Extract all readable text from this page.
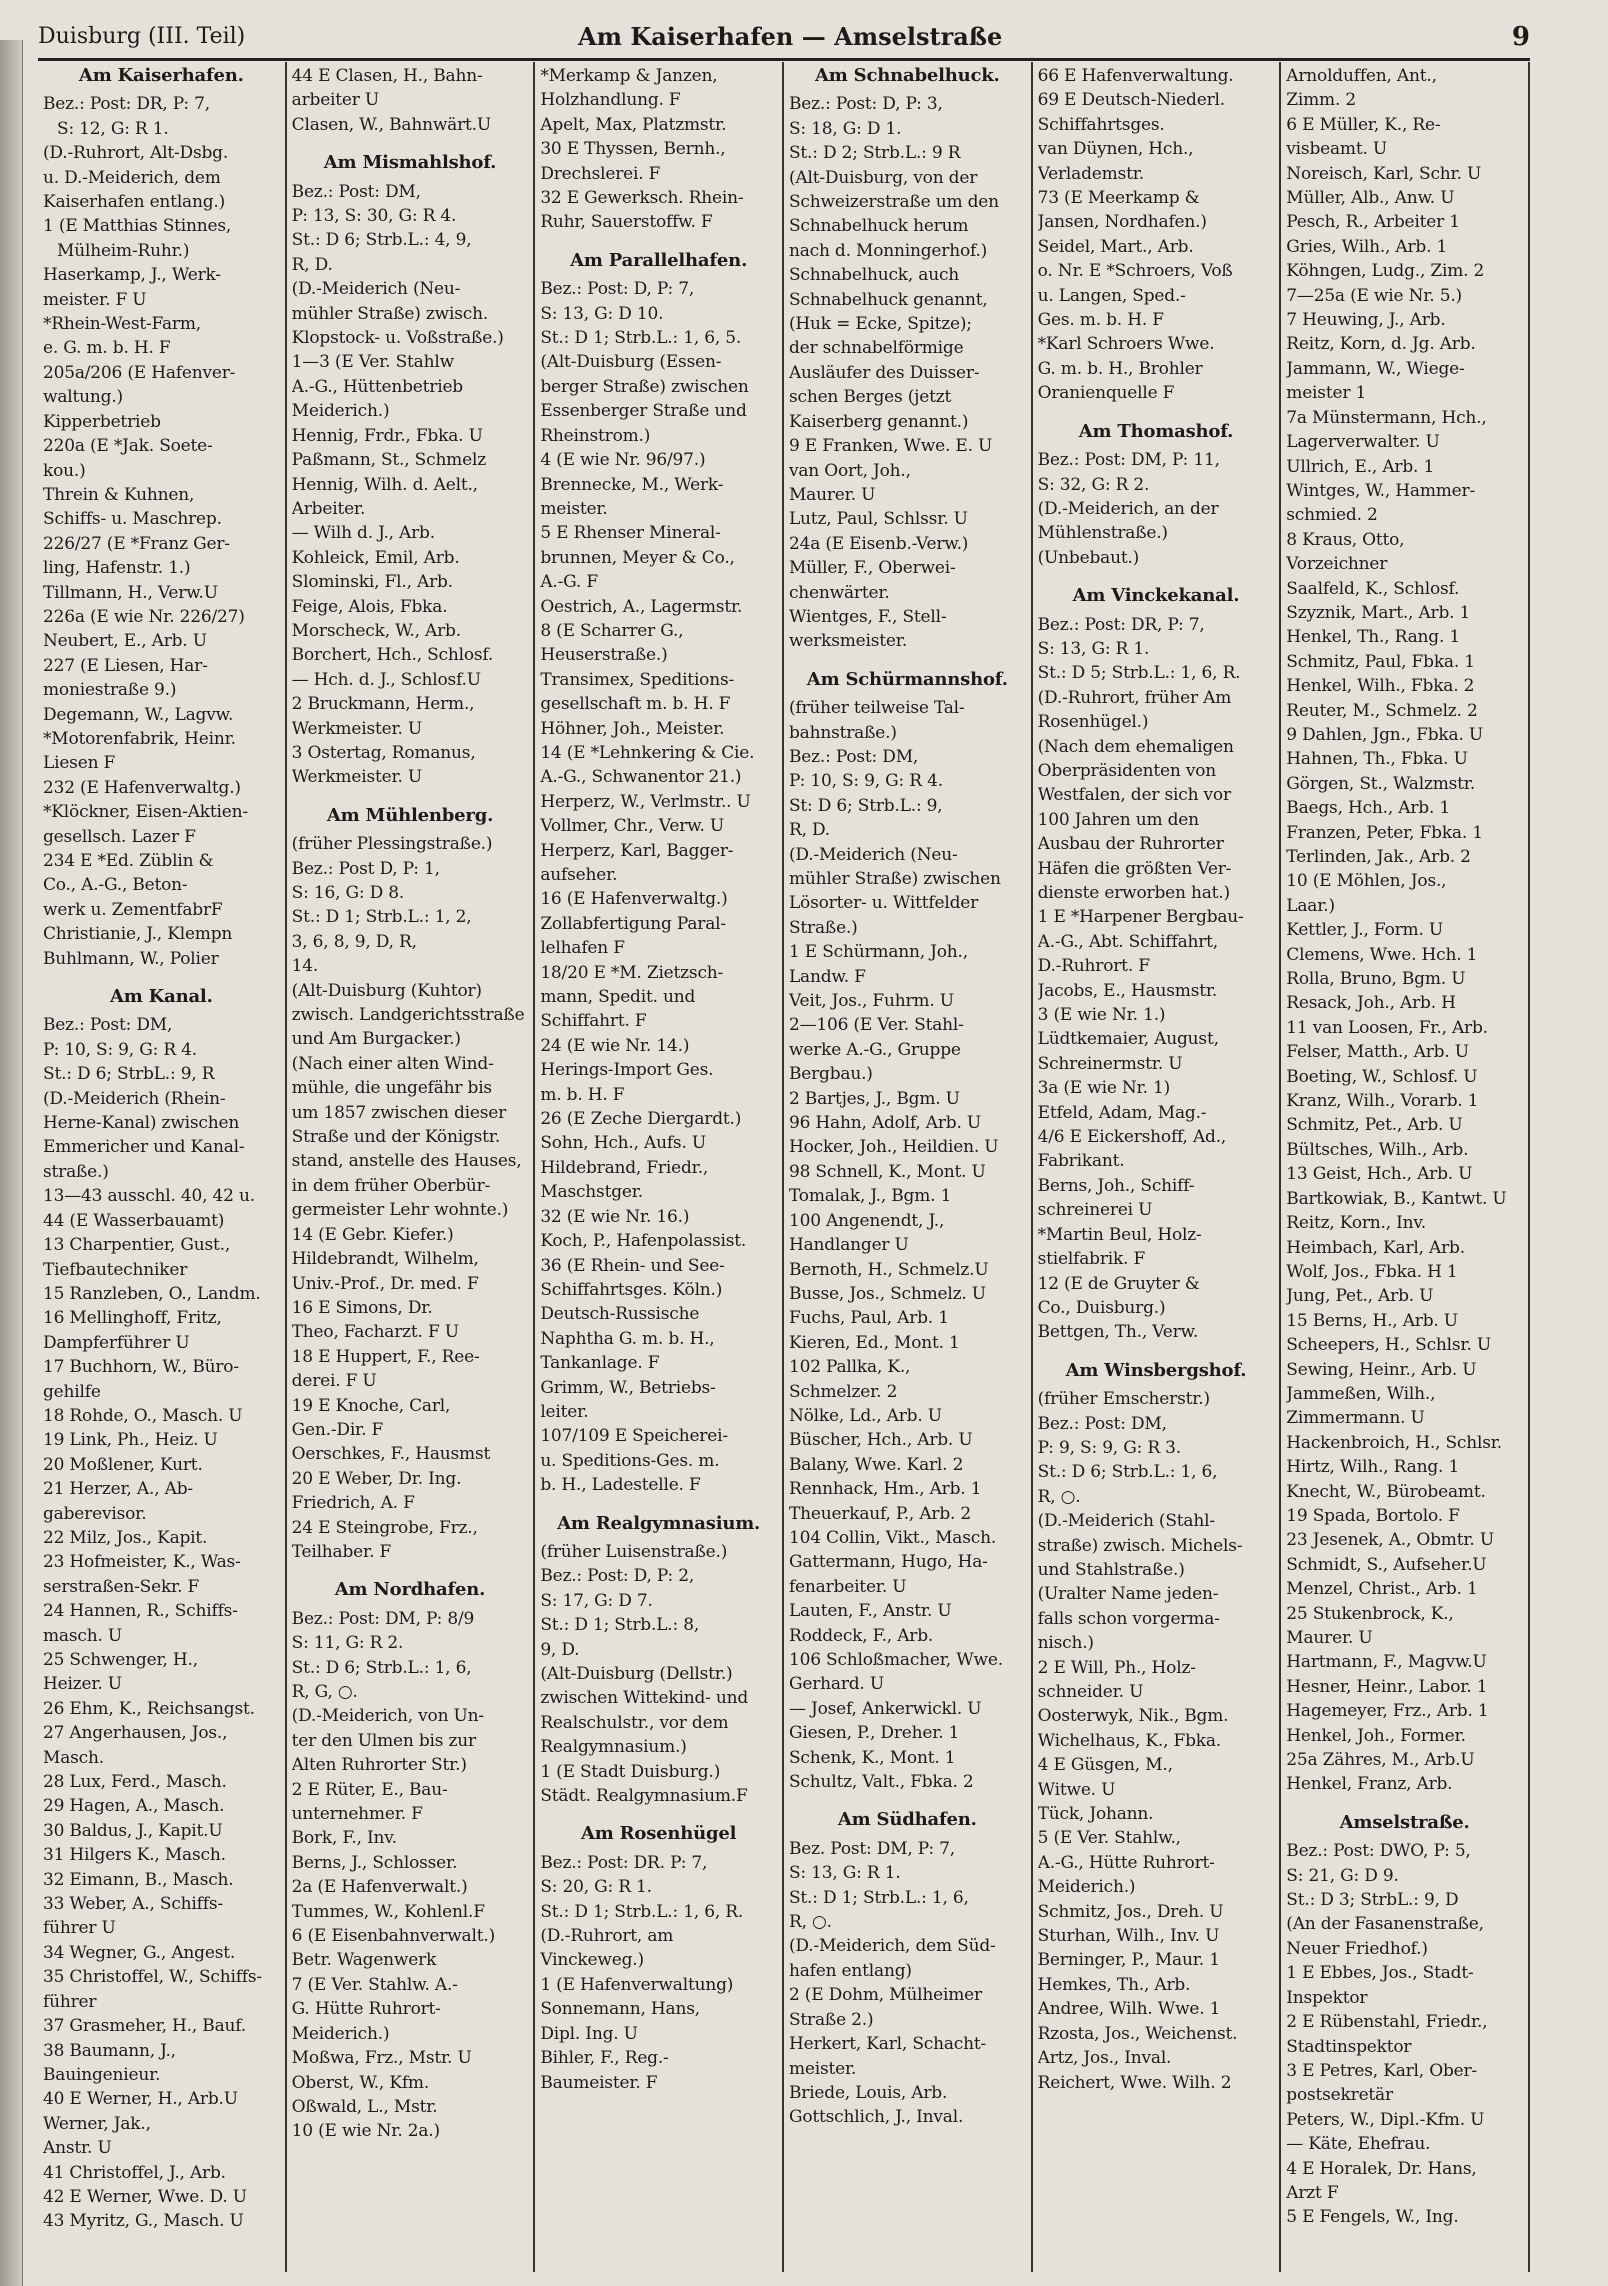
Duisburg (III. Teil)	Am Kaiserhafen — Amselstraße	9
Am Kaiserhafen.
Bez.: Post: DR, P: 7,
S: 12, G: R 1.
(D.-Ruhrort, Alt-Dsbg.
u. D.-Meiderich, dem
Kaiserhafen entlang.)
1 (E Matthias Stinnes,
Mülheim-Ruhr.)
Haserkamp, J., Werk-
meister. F U
*Rhein-West-Farm,
e. G. m. b. H. F
205a/206 (E Hafenver-
waltung.)
Kipperbetrieb
220a (E *Jak. Soete-
kou.)
Threin & Kuhnen,
Schiffs- u. Maschrep.
226/27 (E *Franz Ger-
ling, Hafenstr. 1.)
Tillmann, H., Verw.U
226a (E wie Nr. 226/27)
Neubert, E., Arb. U
227 (E Liesen, Har-
moniestraße 9.)
Degemann, W., Lagvw.
*Motorenfabrik, Heinr.
Liesen F
232 (E Hafenverwaltg.)
*Klöckner, Eisen-Aktien-
gesellsch. Lazer F
234 E *Ed. Züblin &
Co., A.-G., Beton-
werk u. ZementfabrF
Christianie, J., Klempn
Buhlmann, W., Polier
Am Kanal.
Bez.: Post: DM,
P: 10, S: 9, G: R 4.
St.: D 6; StrbL.: 9, R
(D.-Meiderich (Rhein-
Herne-Kanal) zwischen
Emmericher und Kanal-
straße.)
13—43 ausschl. 40, 42 u.
44 (E Wasserbauamt)
13 Charpentier, Gust.,
Tiefbautechniker
15 Ranzleben, O., Landm.
16 Mellinghoff, Fritz,
Dampferführer U
17 Buchhorn, W., Büro-
gehilfe
18 Rohde, O., Masch. U
19 Link, Ph., Heiz. U
20 Moßlener, Kurt.
21 Herzer, A., Ab-
gaberevisor.
22 Milz, Jos., Kapit.
23 Hofmeister, K., Was-
serstraßen-Sekr. F
24 Hannen, R., Schiffs-
masch. U
25 Schwenger, H.,
Heizer. U
26 Ehm, K., Reichsangst.
27 Angerhausen, Jos.,
Masch.
28 Lux, Ferd., Masch.
29 Hagen, A., Masch.
30 Baldus, J., Kapit.U
31 Hilgers K., Masch.
32 Eimann, B., Masch.
33 Weber, A., Schiffs-
führer U
34 Wegner, G., Angest.
35 Christoffel, W., Schiffs-
führer
37 Grasmeher, H., Bauf.
38 Baumann, J.,
Bauingenieur.
40 E Werner, H., Arb.U
Werner, Jak.,
Anstr. U
41 Christoffel, J., Arb.
42 E Werner, Wwe. D. U
43 Myritz, G., Masch. U
44 E Clasen, H., Bahn-
arbeiter U
Clasen, W., Bahnwärt.U
Am Mismahlshof.
Bez.: Post: DM,
P: 13, S: 30, G: R 4.
St.: D 6; Strb.L.: 4, 9,
R, D.
(D.-Meiderich (Neu-
mühler Straße) zwisch.
Klopstock- u. Voßstraße.)
1—3 (E Ver. Stahlw
A.-G., Hüttenbetrieb
Meiderich.)
Hennig, Frdr., Fbka. U
Paßmann, St., Schmelz
Hennig, Wilh. d. Aelt.,
Arbeiter.
— Wilh d. J., Arb.
Kohleick, Emil, Arb.
Slominski, Fl., Arb.
Feige, Alois, Fbka.
Morscheck, W., Arb.
Borchert, Hch., Schlosf.
— Hch. d. J., Schlosf.U
2 Bruckmann, Herm.,
Werkmeister. U
3 Ostertag, Romanus,
Werkmeister. U
Am Mühlenberg.
(früher Plessingstraße.)
Bez.: Post D, P: 1,
S: 16, G: D 8.
St.: D 1; Strb.L.: 1, 2,
3, 6, 8, 9, D, R,
14.
(Alt-Duisburg (Kuhtor)
zwisch. Landgerichtsstraße
und Am Burgacker.)
(Nach einer alten Wind-
mühle, die ungefähr bis
um 1857 zwischen dieser
Straße und der Königstr.
stand, anstelle des Hauses,
in dem früher Oberbür-
germeister Lehr wohnte.)
14 (E Gebr. Kiefer.)
Hildebrandt, Wilhelm,
Univ.-Prof., Dr. med. F
16 E Simons, Dr.
Theo, Facharzt. F U
18 E Huppert, F., Ree-
derei. F U
19 E Knoche, Carl,
Gen.-Dir. F
Oerschkes, F., Hausmst
20 E Weber, Dr. Ing.
Friedrich, A. F
24 E Steingrobe, Frz.,
Teilhaber. F
Am Nordhafen.
Bez.: Post: DM, P: 8/9
S: 11, G: R 2.
St.: D 6; Strb.L.: 1, 6,
R, G, ○.
(D.-Meiderich, von Un-
ter den Ulmen bis zur
Alten Ruhrorter Str.)
2 E Rüter, E., Bau-
unternehmer. F
Bork, F., Inv.
Berns, J., Schlosser.
2a (E Hafenverwalt.)
Tummes, W., Kohlenl.F
6 (E Eisenbahnverwalt.)
Betr. Wagenwerk
7 (E Ver. Stahlw. A.-
G. Hütte Ruhrort-
Meiderich.)
Moßwa, Frz., Mstr. U
Oberst, W., Kfm.
Oßwald, L., Mstr.
10 (E wie Nr. 2a.)
*Merkamp & Janzen,
Holzhandlung. F
Apelt, Max, Platzmstr.
30 E Thyssen, Bernh.,
Drechslerei. F
32 E Gewerksch. Rhein-
Ruhr, Sauerstoffw. F
Am Parallelhafen.
Bez.: Post: D, P: 7,
S: 13, G: D 10.
St.: D 1; Strb.L.: 1, 6, 5.
(Alt-Duisburg (Essen-
berger Straße) zwischen
Essenberger Straße und
Rheinstrom.)
4 (E wie Nr. 96/97.)
Brennecke, M., Werk-
meister.
5 E Rhenser Mineral-
brunnen, Meyer & Co.,
A.-G. F
Oestrich, A., Lagermstr.
8 (E Scharrer G.,
Heuserstraße.)
Transimex, Speditions-
gesellschaft m. b. H. F
Höhner, Joh., Meister.
14 (E *Lehnkering & Cie.
A.-G., Schwanentor 21.)
Herperz, W., Verlmstr.. U
Vollmer, Chr., Verw. U
Herperz, Karl, Bagger-
aufseher.
16 (E Hafenverwaltg.)
Zollabfertigung Paral-
lelhafen F
18/20 E *M. Zietzsch-
mann, Spedit. und
Schiffahrt. F
24 (E wie Nr. 14.)
Herings-Import Ges.
m. b. H. F
26 (E Zeche Diergardt.)
Sohn, Hch., Aufs. U
Hildebrand, Friedr.,
Maschstger.
32 (E wie Nr. 16.)
Koch, P., Hafenpolassist.
36 (E Rhein- und See-
Schiffahrtsges. Köln.)
Deutsch-Russische
Naphtha G. m. b. H.,
Tankanlage. F
Grimm, W., Betriebs-
leiter.
107/109 E Speicherei-
u. Speditions-Ges. m.
b. H., Ladestelle. F
Am Realgymnasium.
(früher Luisenstraße.)
Bez.: Post: D, P: 2,
S: 17, G: D 7.
St.: D 1; Strb.L.: 8,
9, D.
(Alt-Duisburg (Dellstr.)
zwischen Wittekind- und
Realschulstr., vor dem
Realgymnasium.)
1 (E Stadt Duisburg.)
Städt. Realgymnasium.F
Am Rosenhügel
Bez.: Post: DR. P: 7,
S: 20, G: R 1.
St.: D 1; Strb.L.: 1, 6, R.
(D.-Ruhrort, am
Vinckeweg.)
1 (E Hafenverwaltung)
Sonnemann, Hans,
Dipl. Ing. U
Bihler, F., Reg.-
Baumeister. F
Am Schnabelhuck.
Bez.: Post: D, P: 3,
S: 18, G: D 1.
St.: D 2; Strb.L.: 9 R
(Alt-Duisburg, von der
Schweizerstraße um den
Schnabelhuck herum
nach d. Monningerhof.)
Schnabelhuck, auch
Schnabelhuck genannt,
(Huk = Ecke, Spitze);
der schnabelförmige
Ausläufer des Duisser-
schen Berges (jetzt
Kaiserberg genannt.)
9 E Franken, Wwe. E. U
van Oort, Joh.,
Maurer. U
Lutz, Paul, Schlssr. U
24a (E Eisenb.-Verw.)
Müller, F., Oberwei-
chenwärter.
Wientges, F., Stell-
werksmeister.
Am Schürmannshof.
(früher teilweise Tal-
bahnstraße.)
Bez.: Post: DM,
P: 10, S: 9, G: R 4.
St: D 6; Strb.L.: 9,
R, D.
(D.-Meiderich (Neu-
mühler Straße) zwischen
Lösorter- u. Wittfelder
Straße.)
1 E Schürmann, Joh.,
Landw. F
Veit, Jos., Fuhrm. U
2—106 (E Ver. Stahl-
werke A.-G., Gruppe
Bergbau.)
2 Bartjes, J., Bgm. U
96 Hahn, Adolf, Arb. U
Hocker, Joh., Heildien. U
98 Schnell, K., Mont. U
Tomalak, J., Bgm. 1
100 Angenendt, J.,
Handlanger U
Bernoth, H., Schmelz.U
Busse, Jos., Schmelz. U
Fuchs, Paul, Arb. 1
Kieren, Ed., Mont. 1
102 Pallka, K.,
Schmelzer. 2
Nölke, Ld., Arb. U
Büscher, Hch., Arb. U
Balany, Wwe. Karl. 2
Rennhack, Hm., Arb. 1
Theuerkauf, P., Arb. 2
104 Collin, Vikt., Masch.
Gattermann, Hugo, Ha-
fenarbeiter. U
Lauten, F., Anstr. U
Roddeck, F., Arb.
106 Schloßmacher, Wwe.
Gerhard. U
— Josef, Ankerwickl. U
Giesen, P., Dreher. 1
Schenk, K., Mont. 1
Schultz, Valt., Fbka. 2
Am Südhafen.
Bez. Post: DM, P: 7,
S: 13, G: R 1.
St.: D 1; Strb.L.: 1, 6,
R, ○.
(D.-Meiderich, dem Süd-
hafen entlang)
2 (E Dohm, Mülheimer
Straße 2.)
Herkert, Karl, Schacht-
meister.
Briede, Louis, Arb.
Gottschlich, J., Inval.
66 E Hafenverwaltung.
69 E Deutsch-Niederl.
Schiffahrtsges.
van Düynen, Hch.,
Verlademstr.
73 (E Meerkamp &
Jansen, Nordhafen.)
Seidel, Mart., Arb.
o. Nr. E *Schroers, Voß
u. Langen, Sped.-
Ges. m. b. H. F
*Karl Schroers Wwe.
G. m. b. H., Brohler
Oranienquelle F
Am Thomashof.
Bez.: Post: DM, P: 11,
S: 32, G: R 2.
(D.-Meiderich, an der
Mühlenstraße.)
(Unbebaut.)
Am Vinckekanal.
Bez.: Post: DR, P: 7,
S: 13, G: R 1.
St.: D 5; Strb.L.: 1, 6, R.
(D.-Ruhrort, früher Am
Rosenhügel.)
(Nach dem ehemaligen
Oberpräsidenten von
Westfalen, der sich vor
100 Jahren um den
Ausbau der Ruhrorter
Häfen die größten Ver-
dienste erworben hat.)
1 E *Harpener Bergbau-
A.-G., Abt. Schiffahrt,
D.-Ruhrort. F
Jacobs, E., Hausmstr.
3 (E wie Nr. 1.)
Lüdtkemaier, August,
Schreinermstr. U
3a (E wie Nr. 1)
Etfeld, Adam, Mag.-
4/6 E Eickershoff, Ad.,
Fabrikant.
Berns, Joh., Schiff-
schreinerei U
*Martin Beul, Holz-
stielfabrik. F
12 (E de Gruyter &
Co., Duisburg.)
Bettgen, Th., Verw.
Am Winsbergshof.
(früher Emscherstr.)
Bez.: Post: DM,
P: 9, S: 9, G: R 3.
St.: D 6; Strb.L.: 1, 6,
R, ○.
(D.-Meiderich (Stahl-
straße) zwisch. Michels-
und Stahlstraße.)
(Uralter Name jeden-
falls schon vorgerma-
nisch.)
2 E Will, Ph., Holz-
schneider. U
Oosterwyk, Nik., Bgm.
Wichelhaus, K., Fbka.
4 E Güsgen, M.,
Witwe. U
Tück, Johann.
5 (E Ver. Stahlw.,
A.-G., Hütte Ruhrort-
Meiderich.)
Schmitz, Jos., Dreh. U
Sturhan, Wilh., Inv. U
Berninger, P., Maur. 1
Hemkes, Th., Arb.
Andree, Wilh. Wwe. 1
Rzosta, Jos., Weichenst.
Artz, Jos., Inval.
Reichert, Wwe. Wilh. 2
Arnolduffen, Ant.,
Zimm. 2
6 E Müller, K., Re-
visbeamt. U
Noreisch, Karl, Schr. U
Müller, Alb., Anw. U
Pesch, R., Arbeiter 1
Gries, Wilh., Arb. 1
Köhngen, Ludg., Zim. 2
7—25a (E wie Nr. 5.)
7 Heuwing, J., Arb.
Reitz, Korn, d. Jg. Arb.
Jammann, W., Wiege-
meister 1
7a Münstermann, Hch.,
Lagerverwalter. U
Ullrich, E., Arb. 1
Wintges, W., Hammer-
schmied. 2
8 Kraus, Otto,
Vorzeichner
Saalfeld, K., Schlosf.
Szyznik, Mart., Arb. 1
Henkel, Th., Rang. 1
Schmitz, Paul, Fbka. 1
Henkel, Wilh., Fbka. 2
Reuter, M., Schmelz. 2
9 Dahlen, Jgn., Fbka. U
Hahnen, Th., Fbka. U
Görgen, St., Walzmstr.
Baegs, Hch., Arb. 1
Franzen, Peter, Fbka. 1
Terlinden, Jak., Arb. 2
10 (E Möhlen, Jos.,
Laar.)
Kettler, J., Form. U
Clemens, Wwe. Hch. 1
Rolla, Bruno, Bgm. U
Resack, Joh., Arb. H
11 van Loosen, Fr., Arb.
Felser, Matth., Arb. U
Boeting, W., Schlosf. U
Kranz, Wilh., Vorarb. 1
Schmitz, Pet., Arb. U
Bültsches, Wilh., Arb.
13 Geist, Hch., Arb. U
Bartkowiak, B., Kantwt. U
Reitz, Korn., Inv.
Heimbach, Karl, Arb.
Wolf, Jos., Fbka. H 1
Jung, Pet., Arb. U
15 Berns, H., Arb. U
Scheepers, H., Schlsr. U
Sewing, Heinr., Arb. U
Jammeßen, Wilh.,
Zimmermann. U
Hackenbroich, H., Schlsr.
Hirtz, Wilh., Rang. 1
Knecht, W., Bürobeamt.
19 Spada, Bortolo. F
23 Jesenek, A., Obmtr. U
Schmidt, S., Aufseher.U
Menzel, Christ., Arb. 1
25 Stukenbrock, K.,
Maurer. U
Hartmann, F., Magvw.U
Hesner, Heinr., Labor. 1
Hagemeyer, Frz., Arb. 1
Henkel, Joh., Former.
25a Zähres, M., Arb.U
Henkel, Franz, Arb.
Amselstraße.
Bez.: Post: DWO, P: 5,
S: 21, G: D 9.
St.: D 3; StrbL.: 9, D
(An der Fasanenstraße,
Neuer Friedhof.)
1 E Ebbes, Jos., Stadt-
Inspektor
2 E Rübenstahl, Friedr.,
Stadtinspektor
3 E Petres, Karl, Ober-
postsekretär
Peters, W., Dipl.-Kfm. U
— Käte, Ehefrau.
4 E Horalek, Dr. Hans,
Arzt F
5 E Fengels, W., Ing.
